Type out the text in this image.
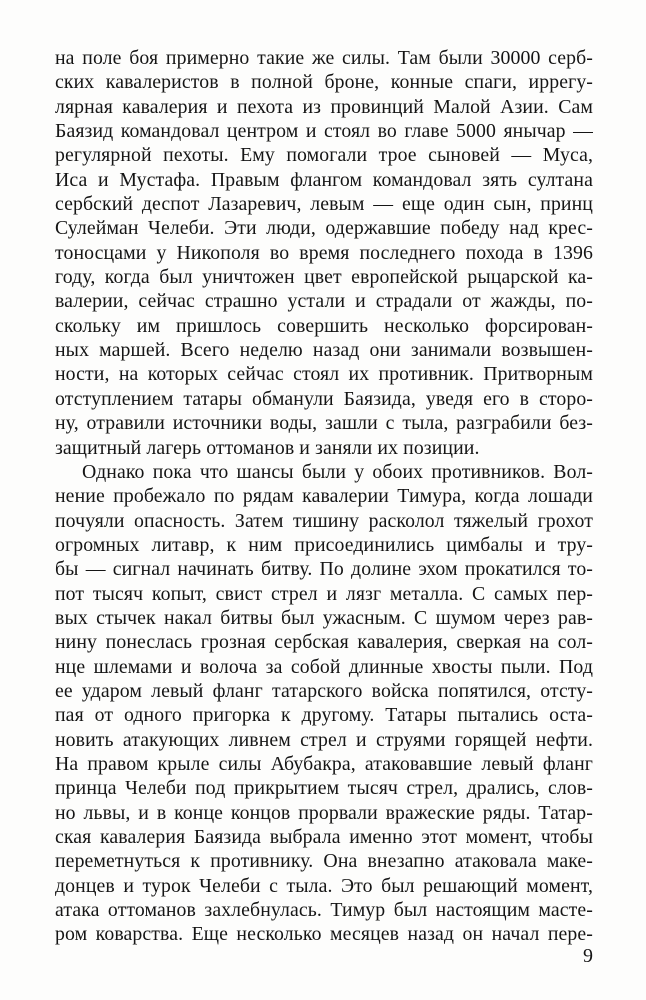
на поле боя примерно такие же силы. Там были 30000 серб-
ских кавалеристов в полной броне, конные спаги, иррегу-
лярная кавалерия и пехота из провинций Малой Азии. Сам
Баязид командовал центром и стоял во главе 5000 янычар —
регулярной пехоты. Ему помогали трое сыновей — Муса,
Иса и Мустафа. Правым флангом командовал зять султана
сербский деспот Лазаревич, левым — еще один сын, принц
Сулейман Челеби. Эти люди, одержавшие победу над крес-
тоносцами у Никополя во время последнего похода в 1396
году, когда был уничтожен цвет европейской рыцарской ка-
валерии, сейчас страшно устали и страдали от жажды, по-
скольку им пришлось совершить несколько форсирован-
ных маршей. Всего неделю назад они занимали возвышен-
ности, на которых сейчас стоял их противник. Притворным
отступлением татары обманули Баязида, уведя его в сторо-
ну, отравили источники воды, зашли с тыла, разграбили без-
защитный лагерь оттоманов и заняли их позиции.
Однако пока что шансы были у обоих противников. Вол-
нение пробежало по рядам кавалерии Тимура, когда лошади
почуяли опасность. Затем тишину расколол тяжелый грохот
огромных литавр, к ним присоединились цимбалы и тру-
бы — сигнал начинать битву. По долине эхом прокатился то-
пот тысяч копыт, свист стрел и лязг металла. С самых пер-
вых стычек накал битвы был ужасным. С шумом через рав-
нину понеслась грозная сербская кавалерия, сверкая на сол-
нце шлемами и волоча за собой длинные хвосты пыли. Под
ее ударом левый фланг татарского войска попятился, отсту-
пая от одного пригорка к другому. Татары пытались оста-
новить атакующих ливнем стрел и струями горящей нефти.
На правом крыле силы Абубакра, атаковавшие левый фланг
принца Челеби под прикрытием тысяч стрел, дрались, слов-
но львы, и в конце концов прорвали вражеские ряды. Татар-
ская кавалерия Баязида выбрала именно этот момент, чтобы
переметнуться к противнику. Она внезапно атаковала маке-
донцев и турок Челеби с тыла. Это был решающий момент,
атака оттоманов захлебнулась. Тимур был настоящим масте-
ром коварства. Еще несколько месяцев назад он начал пере-
9
